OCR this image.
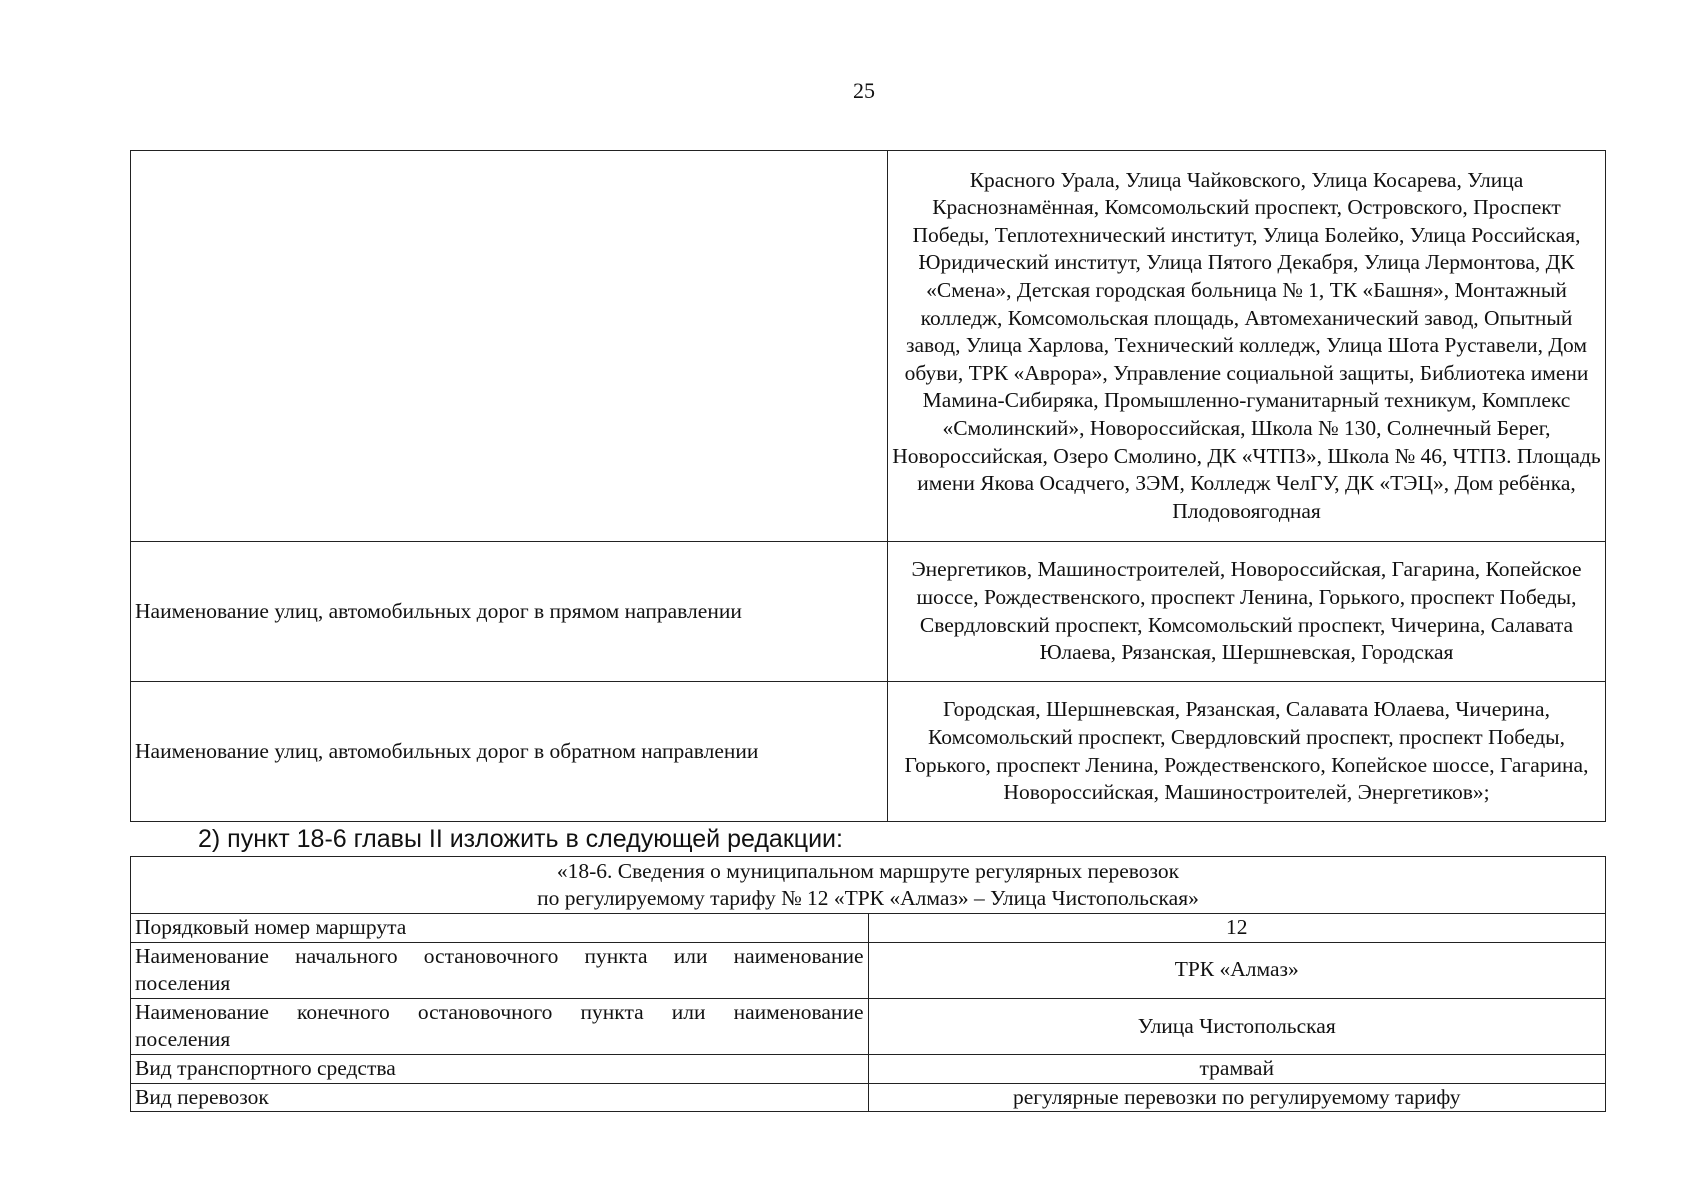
25
	Красного Урала, Улица Чайковского, Улица Косарева, Улица Краснознамённая, Комсомольский проспект, Островского, Проспект Победы, Теплотехнический институт, Улица Болейко, Улица Российская, Юридический институт, Улица Пятого Декабря, Улица Лермонтова, ДК «Смена», Детская городская больница № 1, ТК «Башня», Монтажный колледж, Комсомольская площадь, Автомеханический завод, Опытный завод, Улица Харлова, Технический колледж, Улица Шота Руставели, Дом обуви, ТРК «Аврора», Управление социальной защиты, Библиотека имени Мамина-Сибиряка, Промышленно-гуманитарный техникум, Комплекс «Смолинский», Новороссийская, Школа № 130, Солнечный Берег, Новороссийская, Озеро Смолино, ДК «ЧТПЗ», Школа № 46, ЧТПЗ. Площадь имени Якова Осадчего, ЗЭМ, Колледж ЧелГУ, ДК «ТЭЦ», Дом ребёнка, Плодовоягодная
Наименование улиц, автомобильных дорог в прямом направлении	Энергетиков, Машиностроителей, Новороссийская, Гагарина, Копейское шоссе, Рождественского, проспект Ленина, Горького, проспект Победы, Свердловский проспект, Комсомольский проспект, Чичерина, Салавата Юлаева, Рязанская, Шершневская, Городская
Наименование улиц, автомобильных дорог в обратном направлении	Городская, Шершневская, Рязанская, Салавата Юлаева, Чичерина, Комсомольский проспект, Свердловский проспект, проспект Победы, Горького, проспект Ленина, Рождественского, Копейское шоссе, Гагарина, Новороссийская, Машиностроителей, Энергетиков»;
2) пункт 18-6 главы II изложить в следующей редакции:
«18-6. Сведения о муниципальном маршруте регулярных перевозок
по регулируемому тарифу № 12 «ТРК «Алмаз» – Улица Чистопольская»	

Порядковый номер маршрута	12

Наименование начального остановочного пункта или наименование
поселения	ТРК «Алмаз»

Наименование конечного остановочного пункта или наименование
поселения	Улица Чистопольская
Вид транспортного средства	трамвай
Вид перевозок	регулярные перевозки по регулируемому тарифу
